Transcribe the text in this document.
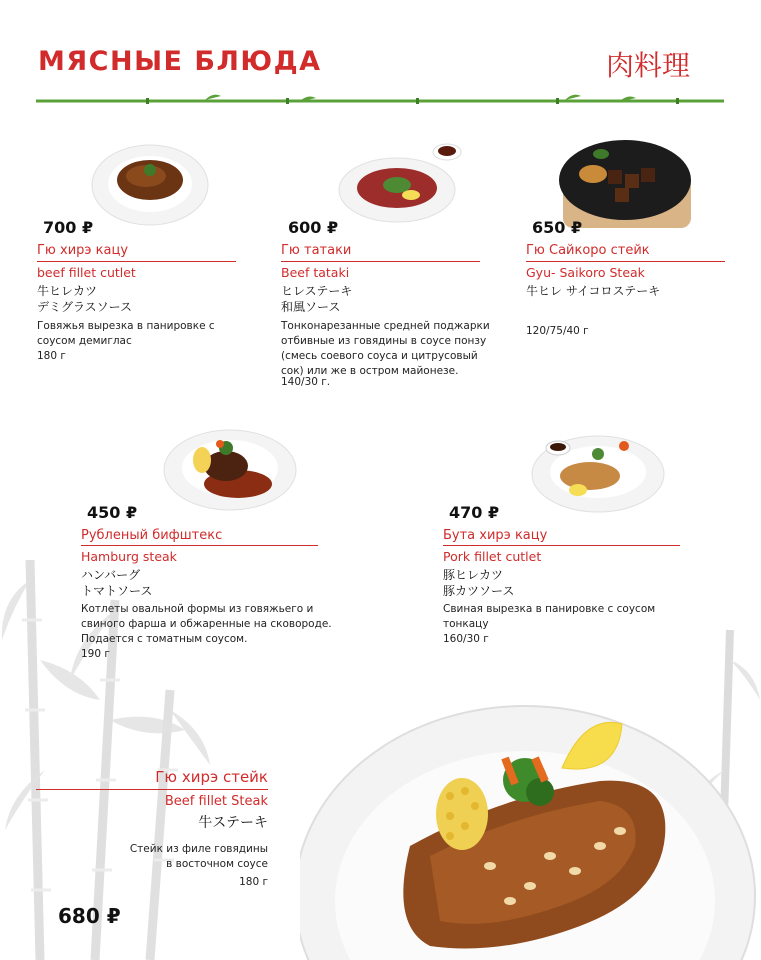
МЯСНЫЕ БЛЮДА	肉料理
700 ₽
Гю хирэ кацу
beef fillet cutlet
牛ヒレカツ
デミグラスソース
Говяжья вырезка в панировке с
соусом демиглас
180 г
600 ₽
Гю татаки
Beef tataki
ヒレステーキ
和風ソース
Тонконарезанные средней поджарки
отбивные из говядины в соусе понзу
(смесь соевого соуса и цитрусовый
сок) или же в остром майонезе.
140/30 г.
650 ₽
Гю Сайкоро стейк
Gyu- Saikoro Steak
牛ヒレ サイコロステーキ
120/75/40 г
450 ₽
Рубленый бифштекс
Hamburg steak
ハンバーグ
トマトソース
Котлеты овальной формы из говяжьего и
свиного фарша и обжаренные на сковороде.
Подается с томатным соусом.
190 г
470 ₽
Бута хирэ кацу
Pork fillet cutlet
豚ヒレカツ
豚カツソース
Свиная вырезка в панировке с соусом
тонкацу
160/30 г
Гю хирэ стейк
Beef fillet Steak
牛ステーキ
Стейк из филе говядины
в восточном соусе
180 г
680 ₽
